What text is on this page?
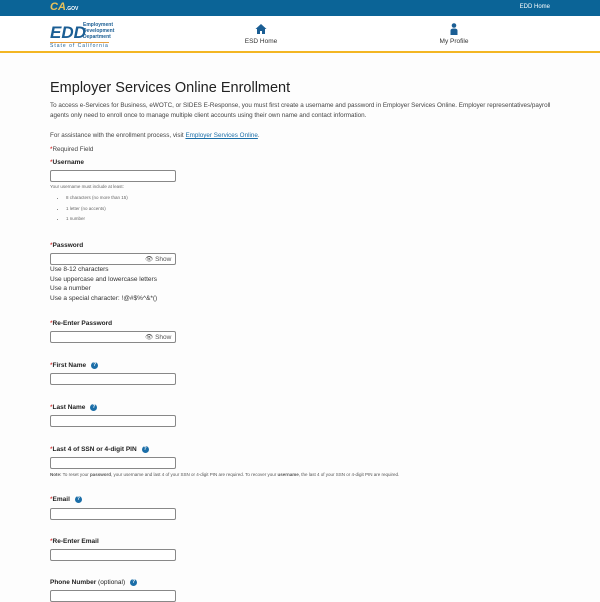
CA.GOV	EDD Home
EDD
Employment
Development
Department
State of California
ESD Home	My Profile
Employer Services Online Enrollment
To access e-Services for Business, eWOTC, or SIDES E-Response, you must first create a username and password in Employer Services Online. Employer representatives/payroll agents only need to enroll once to manage multiple client accounts using their own name and contact information.
For assistance with the enrollment process, visit Employer Services Online.
*Required Field
*Username
Your username must include at least:
• 8 characters (no more than 15)
• 1 letter (no accents)
• 1 number
*Password
👁 Show
Use 8-12 characters
Use uppercase and lowercase letters
Use a number
Use a special character: !@#$%^&*()
*Re-Enter Password
👁 Show
*First Name ?
*Last Name ?
*Last 4 of SSN or 4-digit PIN ?
Note: To reset your password, your username and last 4 of your SSN or 4-digit PIN are required. To recover your username, the last 4 of your SSN or 4-digit PIN are required.
*Email ?
*Re-Enter Email
Phone Number (optional) ?
